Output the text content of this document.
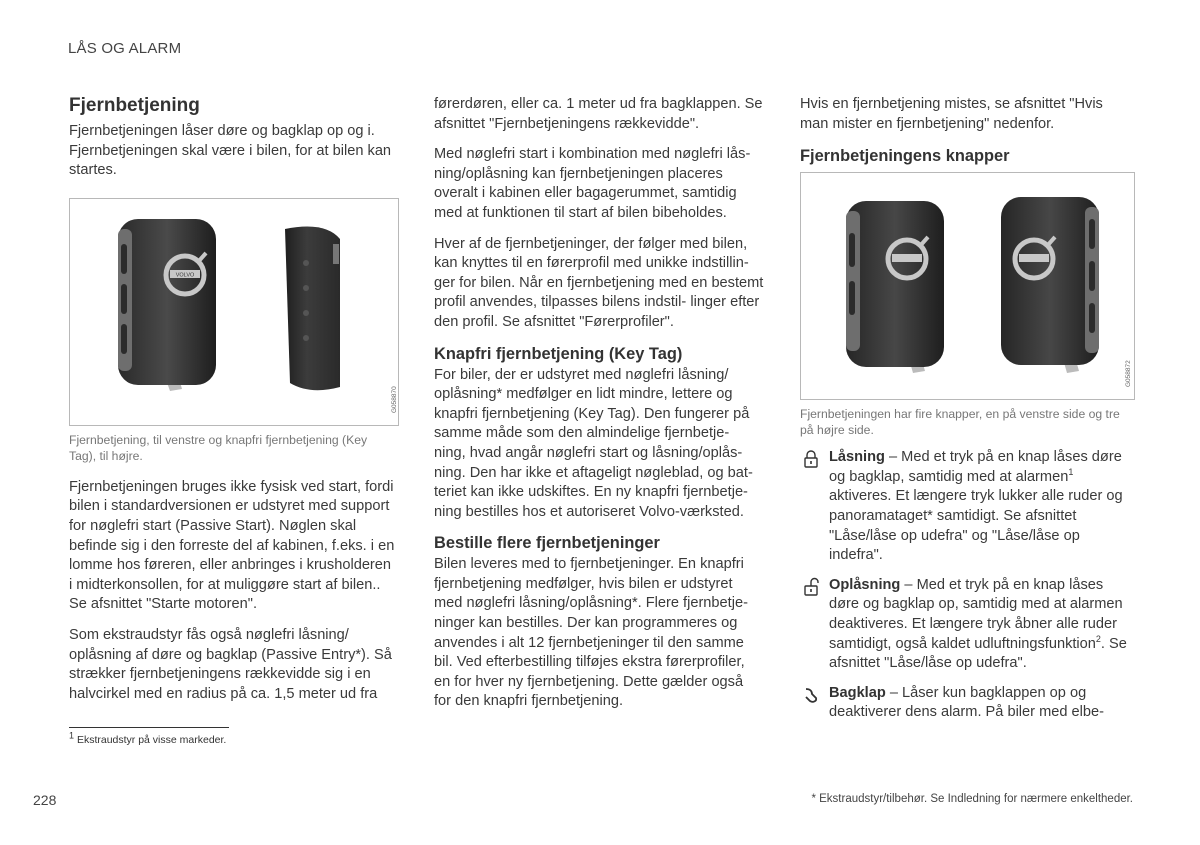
LÅS OG ALARM
Fjernbetjening

Fjernbetjeningen låser døre og bagklap op og i. Fjernbetjeningen skal være i bilen, for at bilen kan startes.

VOLVO
G058870
Fjernbetjening, til venstre og knapfri fjernbetjening (Key Tag), til højre.

Fjernbetjeningen bruges ikke fysisk ved start, fordi bilen i standardversionen er udstyret med support for nøglefri start (Passive Start). Nøglen skal befinde sig i den forreste del af kabinen, f.eks. i en lomme hos føreren, eller anbringes i krusholderen i midterkonsollen, for at muliggøre start af bilen.. Se afsnittet "Starte motoren".

Som ekstraudstyr fås også nøglefri låsning/ oplåsning af døre og bagklap (Passive Entry*). Så strækker fjernbetjeningens rækkevidde sig i en halvcirkel med en radius på ca. 1,5 meter ud fra

førerdøren, eller ca. 1 meter ud fra bagklappen. Se afsnittet "Fjernbetjeningens rækkevidde".

Med nøglefri start i kombination med nøglefri lås- ning/oplåsning kan fjernbetjeningen placeres overalt i kabinen eller bagagerummet, samtidig med at funktionen til start af bilen bibeholdes.

Hver af de fjernbetjeninger, der følger med bilen, kan knyttes til en førerprofil med unikke indstillin- ger for bilen. Når en fjernbetjening med en bestemt profil anvendes, tilpasses bilens indstil- linger efter den profil. Se afsnittet "Førerprofiler".

Knapfri fjernbetjening (Key Tag)

For biler, der er udstyret med nøglefri låsning/ oplåsning* medfølger en lidt mindre, lettere og knapfri fjernbetjening (Key Tag). Den fungerer på samme måde som den almindelige fjernbetje- ning, hvad angår nøglefri start og låsning/oplås- ning. Den har ikke et aftageligt nøgleblad, og bat- teriet kan ikke udskiftes. En ny knapfri fjernbetje- ning bestilles hos et autoriseret Volvo-værksted.

Bestille flere fjernbetjeninger

Bilen leveres med to fjernbetjeninger. En knapfri fjernbetjening medfølger, hvis bilen er udstyret med nøglefri låsning/oplåsning*. Flere fjernbetje- ninger kan bestilles. Der kan programmeres og anvendes i alt 12 fjernbetjeninger til den samme bil. Ved efterbestilling tilføjes ekstra førerprofiler, en for hver ny fjernbetjening. Dette gælder også for den knapfri fjernbetjening.

Hvis en fjernbetjening mistes, se afsnittet "Hvis man mister en fjernbetjening" nedenfor.

Fjernbetjeningens knapper
G058872
Fjernbetjeningen har fire knapper, en på venstre side og tre på højre side.
Låsning – Med et tryk på en knap låses døre og bagklap, samtidig med at alarmen$^1$ aktiveres. Et længere tryk lukker alle ruder og panoramataget* samtidigt. Se afsnittet "Låse/låse op udefra" og "Låse/låse op indefra".
Oplåsning – Med et tryk på en knap låses døre og bagklap op, samtidig med at alarmen deaktiveres. Et længere tryk åbner alle ruder samtidigt, også kaldet udluftningsfunktion$^2$. Se afsnittet "Låse/låse op udefra".
Bagklap – Låser kun bagklappen op og deaktiverer dens alarm. På biler med elbe-
$^1$ Ekstraudstyr på visse markeder.
228	* Ekstraudstyr/tilbehør. Se Indledning for nærmere enkeltheder.
